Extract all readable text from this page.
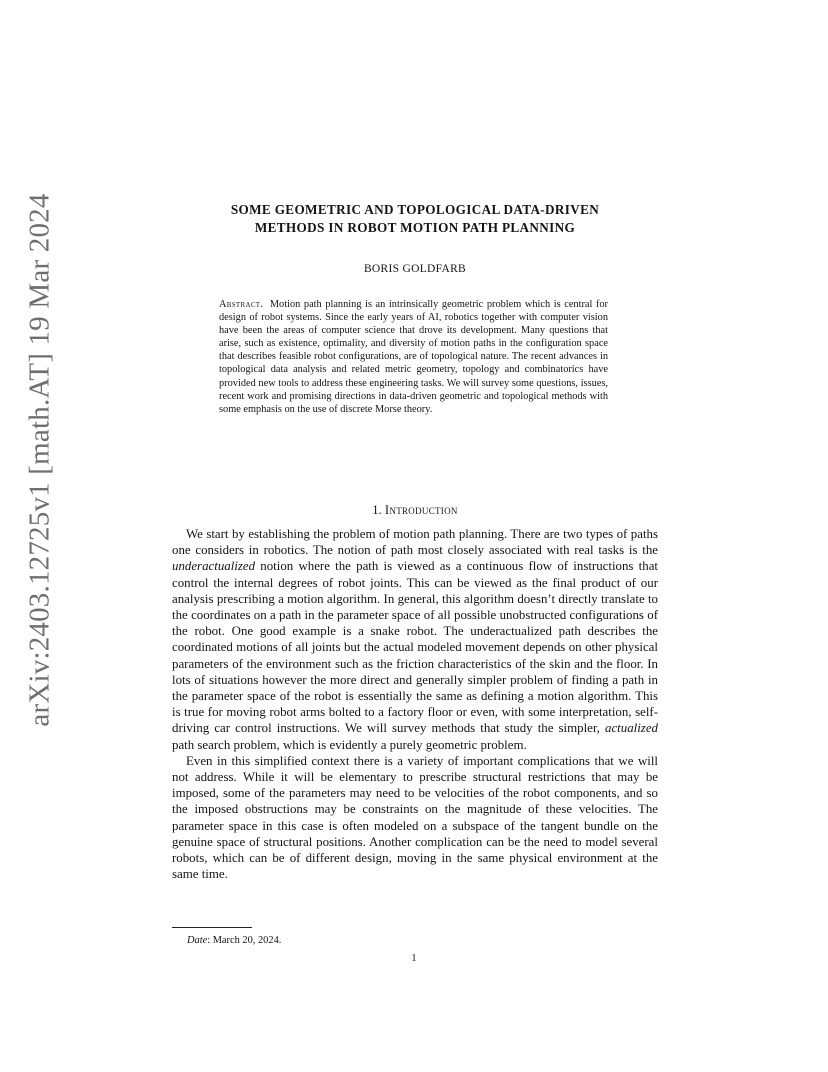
arXiv:2403.12725v1 [math.AT] 19 Mar 2024	SOME GEOMETRIC AND TOPOLOGICAL DATA-DRIVEN
METHODS IN ROBOT MOTION PATH PLANNING
BORIS GOLDFARB
Abstract. Motion path planning is an intrinsically geometric problem which is central for design of robot systems. Since the early years of AI, robotics together with computer vision have been the areas of computer science that drove its development. Many questions that arise, such as existence, optimality, and diversity of motion paths in the configuration space that describes feasible robot configurations, are of topological nature. The recent advances in topological data analysis and related metric geometry, topology and combinatorics have provided new tools to address these engineering tasks. We will survey some questions, issues, recent work and promising directions in data-driven geometric and topological methods with some emphasis on the use of discrete Morse theory.
1. Introduction

We start by establishing the problem of motion path planning. There are two types of paths one considers in robotics. The notion of path most closely associated with real tasks is the underactualized notion where the path is viewed as a continuous flow of instructions that control the internal degrees of robot joints. This can be viewed as the final product of our analysis prescribing a motion algorithm. In general, this algorithm doesn’t directly translate to the coordinates on a path in the parameter space of all possible unobstructed configurations of the robot. One good example is a snake robot. The underactualized path describes the coordinated motions of all joints but the actual modeled movement depends on other physical parameters of the environment such as the friction characteristics of the skin and the floor. In lots of situations however the more direct and generally simpler problem of finding a path in the parameter space of the robot is essentially the same as defining a motion algorithm. This is true for moving robot arms bolted to a factory floor or even, with some interpretation, self-driving car control instructions. We will survey methods that study the simpler, actualized path search problem, which is evidently a purely geometric problem.

Even in this simplified context there is a variety of important complications that we will not address. While it will be elementary to prescribe structural restrictions that may be imposed, some of the parameters may need to be velocities of the robot components, and so the imposed obstructions may be constraints on the magnitude of these velocities. The parameter space in this case is often modeled on a subspace of the tangent bundle on the genuine space of structural positions. Another complication can be the need to model several robots, which can be of different design, moving in the same physical environment at the same time.

Date: March 20, 2024.
1
